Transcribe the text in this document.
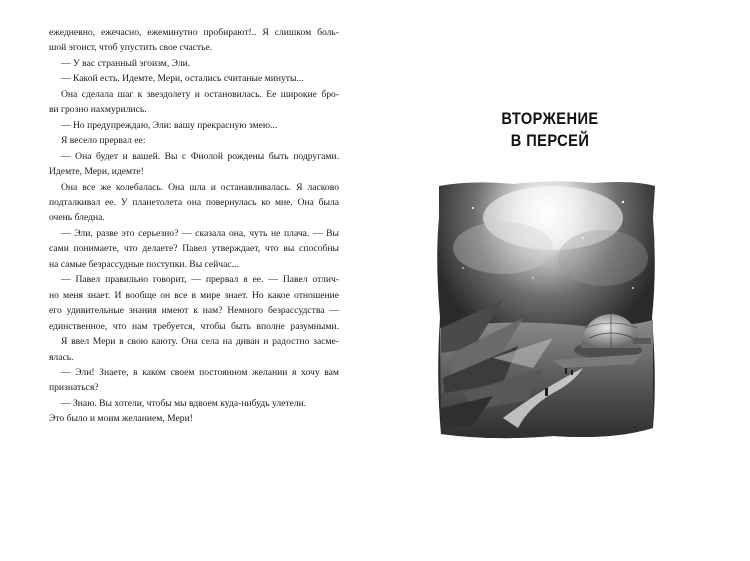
ежедневно, ежечасно, ежеминутно пробирают!.. Я слишком боль-
шой эгоист, чтоб упустить свое счастье.
— У вас странный эгоизм, Эли.
— Какой есть. Идемте, Мери, остались считаные минуты...
Она сделала шаг к звездолету и остановилась. Ее широкие бро-
ви грозно нахмурились.
— Но предупреждаю, Эли: вашу прекрасную змею...
Я весело прервал ее:
— Она будет и вашей. Вы с Фиолой рождены быть подругами.
Идемте, Мери, идемте!
Она все же колебалась. Она шла и останавливалась. Я ласково
подталкивал ее. У планетолета она повернулась ко мне. Она была
очень бледна.
— Эли, разве это серьезно? — сказала она, чуть не плача. — Вы
сами понимаете, что делаете? Павел утверждает, что вы способны
на самые безрассудные поступки. Вы сейчас...
— Павел правильно говорит, — прервал я ее. — Павел отлич-
но меня знает. И вообще он все в мире знает. Но какое отношение
его удивительные знания имеют к нам? Немного безрассудства —
единственное, что нам требуется, чтобы быть вполне разумными.
Я ввел Мери в свою каюту. Она села на диван и радостно засме-
ялась.
— Эли! Знаете, в каком своем постоянном желании я хочу вам
признаться?
— Знаю. Вы хотели, чтобы мы вдвоем куда-нибудь улетели.
Это было и моим желанием, Мери!
ВТОРЖЕНИЕ
В ПЕРСЕЙ
